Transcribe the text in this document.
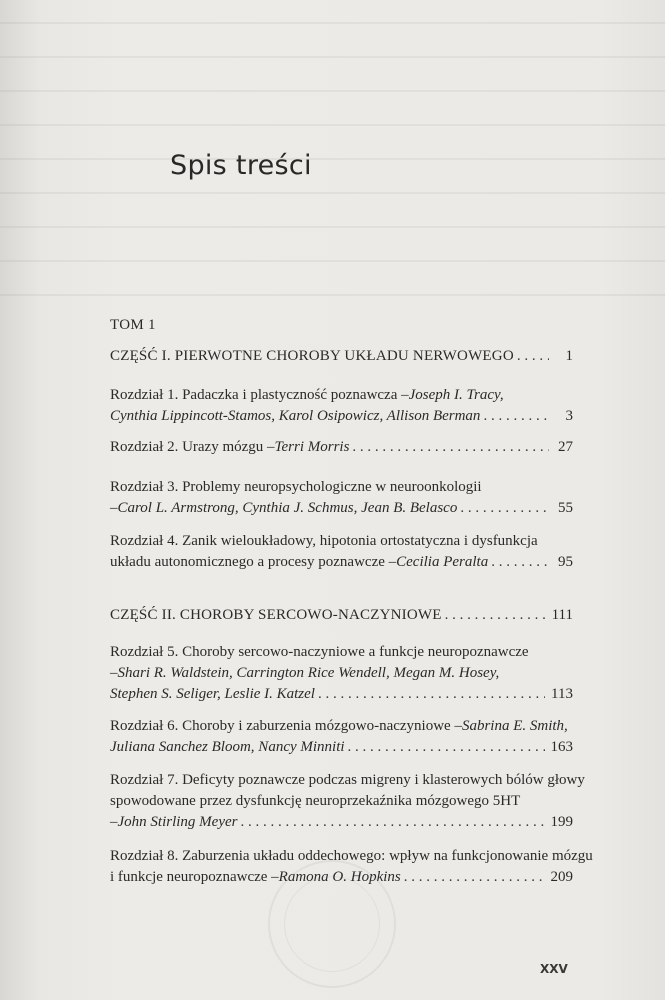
Spis treści
TOM 1
CZĘŚĆ I. PIERWOTNE CHOROBY UKŁADU NERWOWEGO . . .	1
Rozdział 1. Padaczka i plastyczność poznawcza – Joseph I. Tracy,
Cynthia Lippincott-Stamos, Karol Osipowicz, Allison Berman . . .	3
Rozdział 2. Urazy mózgu – Terri Morris . . .	27
Rozdział 3. Problemy neuropsychologiczne w neuroonkologii
– Carol L. Armstrong, Cynthia J. Schmus, Jean B. Belasco . . .	55
Rozdział 4. Zanik wieloukładowy, hipotonia ortostatyczna i dysfunkcja
układu autonomicznego a procesy poznawcze – Cecilia Peralta . . .	95
CZĘŚĆ II. CHOROBY SERCOWO-NACZYNIOWE . . .	111
Rozdział 5. Choroby sercowo-naczyniowe a funkcje neuropoznawcze
– Shari R. Waldstein, Carrington Rice Wendell, Megan M. Hosey,
Stephen S. Seliger, Leslie I. Katzel . . .	113
Rozdział 6. Choroby i zaburzenia mózgowo-naczyniowe – Sabrina E. Smith,
Juliana Sanchez Bloom, Nancy Minniti . . .	163
Rozdział 7. Deficyty poznawcze podczas migreny i klasterowych bólów głowy
spowodowane przez dysfunkcję neuroprzekaźnika mózgowego 5HT
– John Stirling Meyer . . .	199
Rozdział 8. Zaburzenia układu oddechowego: wpływ na funkcjonowanie mózgu
i funkcje neuropoznawcze – Ramona O. Hopkins . . .	209
XXV
